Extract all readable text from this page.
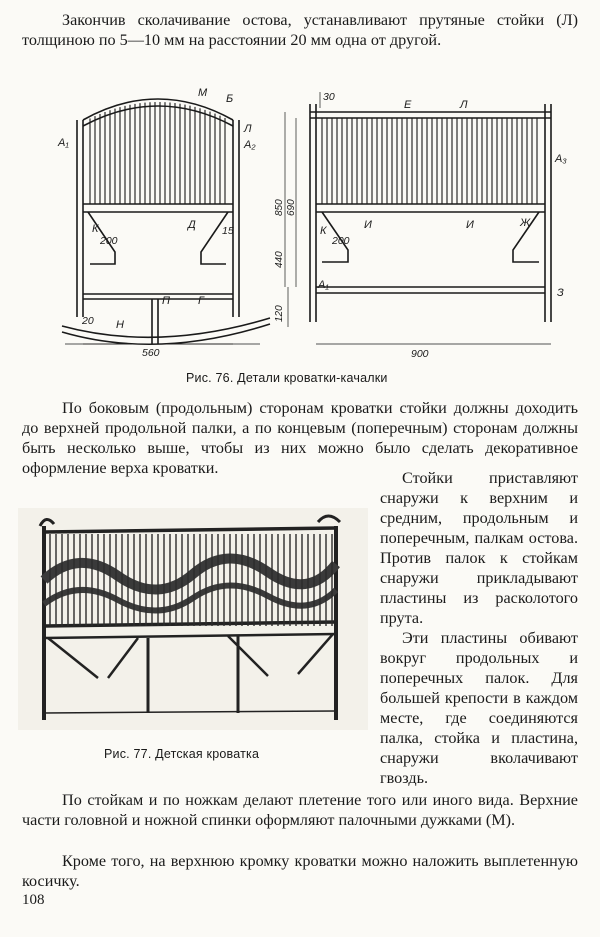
Закончив сколачивание остова, устанавливают прутяные стойки (Л) толщиною по 5—10 мм на расстоянии 20 мм одна от другой.

М Б
Л
А₁	А₂
К	Д
Г
П
Н
200
15
20
560
30
Е	Л
А₃
К	И	И	Ж
А₁
З
200
900
850 690
440
120
Рис. 76. Детали кроватки-качалки

По боковым (продольным) сторонам кроватки стойки должны доходить до верхней продольной палки, а по концевым (поперечным) сторонам должны быть несколько выше, чтобы из них можно было сделать декоративное оформление верха кроватки.

Рис. 77. Детская кроватка

Стойки приставляют снаружи к верхним и средним, продольным и поперечным, палкам остова. Против палок к стойкам снаружи прикладывают пластины из расколотого прута.

Эти пластины обивают вокруг продольных и поперечных палок. Для большей крепости в каждом месте, где соединяются палка, стойка и пластина, снаружи вколачивают гвоздь.

По стойкам и по ножкам делают плетение того или иного вида. Верхние части головной и ножной спинки оформляют палочными дужками (М).

Кроме того, на верхнюю кромку кроватки можно наложить выплетенную косичку.

108
